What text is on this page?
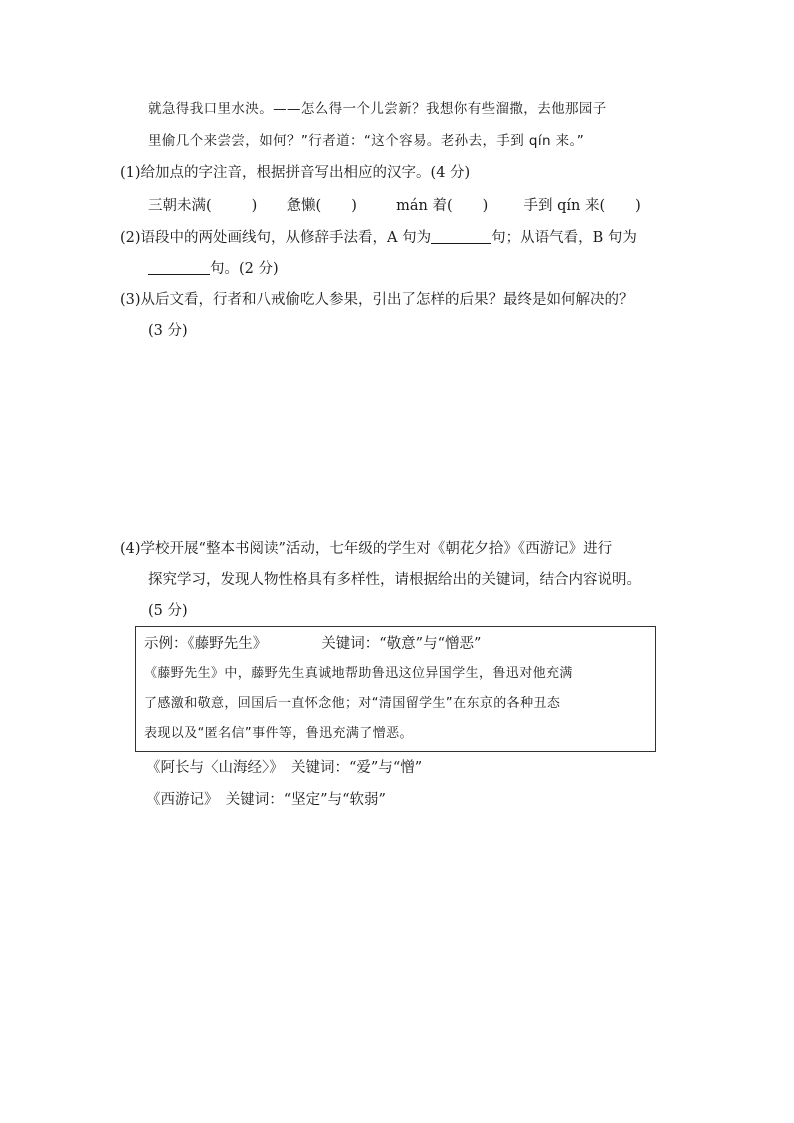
就急得我口里水泱。——怎么得一个儿尝新？我想你有些溜撒，去他那园子
里偷几个来尝尝，如何？”行者道：“这个容易。老孙去，手到 qín 来。”
(1)给加点的字注音，根据拼音写出相应的汉字。(4 分)
三朝未满(	) 惫懒( )	mán 着( ) 手到 qín 来( )
(2)语段中的两处画线句，从修辞手法看，A 句为	句；从语气看，B 句为
句。(2 分)
(3)从后文看，行者和八戒偷吃人参果，引出了怎样的后果？最终是如何解决的？
(3 分)
(4)学校开展“整本书阅读”活动，七年级的学生对《朝花夕拾》《西游记》进行
探究学习，发现人物性格具有多样性，请根据给出的关键词，结合内容说明。
(5 分)
示例：《藤野先生》	关键词：“敬意”与“憎恶”
《藤野先生》中，藤野先生真诚地帮助鲁迅这位异国学生，鲁迅对他充满
了感激和敬意，回国后一直怀念他；对“清国留学生”在东京的各种丑态
表现以及“匿名信”事件等，鲁迅充满了憎恶。
《阿长与〈山海经〉》　关键词：“爱”与“憎”
《西游记》　关键词：“坚定”与“软弱”
